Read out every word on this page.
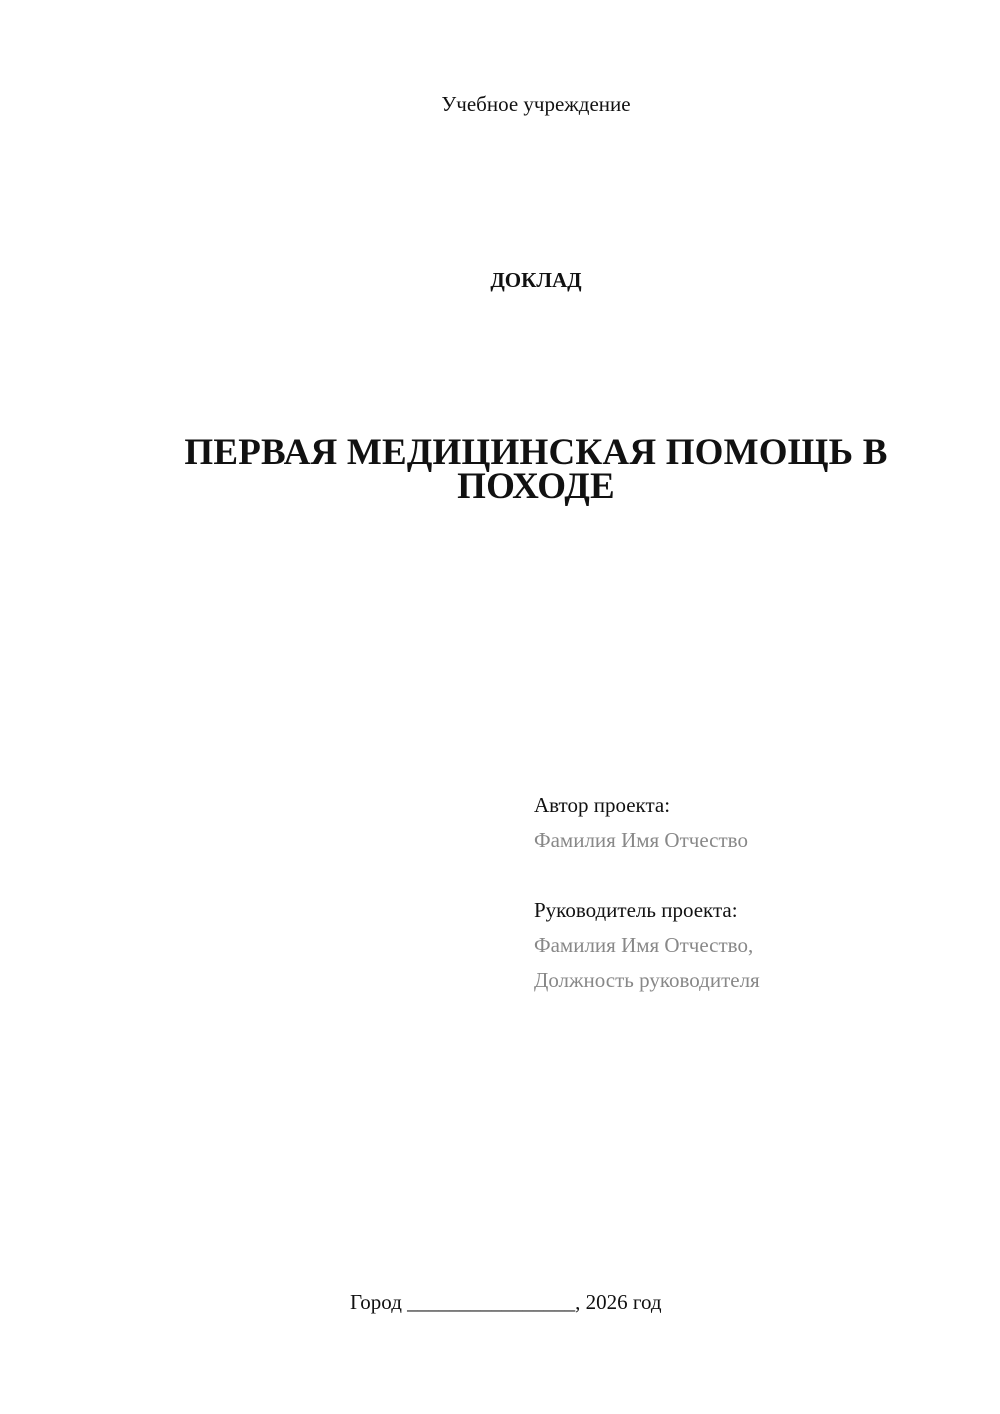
Учебное учреждение
ДОКЛАД
ПЕРВАЯ МЕДИЦИНСКАЯ ПОМОЩЬ В
ПОХОДЕ
Автор проекта:
Фамилия Имя Отчество
Руководитель проекта:
Фамилия Имя Отчество,
Должность руководителя
Город ________________, 2026 год
